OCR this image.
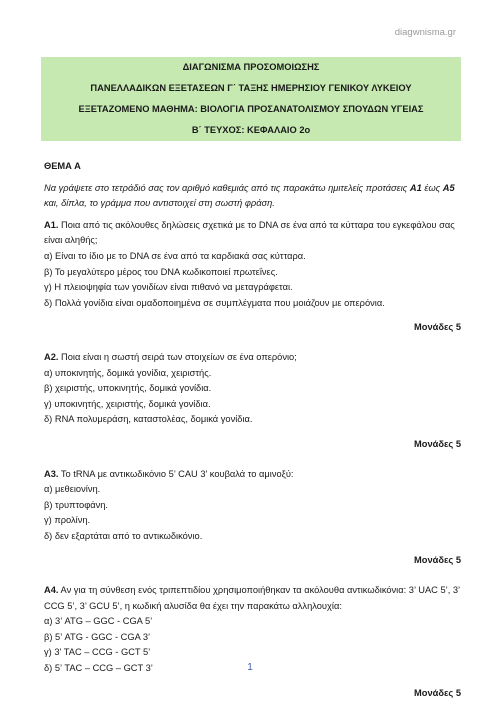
diagwnisma.gr
ΔΙΑΓΩΝΙΣΜΑ ΠΡΟΣΟΜΟΙΩΣΗΣ
ΠΑΝΕΛΛΑΔΙΚΩΝ ΕΞΕΤΑΣΕΩΝ Γ΄ ΤΑΞΗΣ ΗΜΕΡΗΣΙΟΥ ΓΕΝΙΚΟΥ ΛΥΚΕΙΟΥ
ΕΞΕΤΑΖΟΜΕΝΟ ΜΑΘΗΜΑ: ΒΙΟΛΟΓΙΑ ΠΡΟΣΑΝΑΤΟΛΙΣΜΟΥ ΣΠΟΥΔΩΝ ΥΓΕΙΑΣ
Β΄ ΤΕΥΧΟΣ: ΚΕΦΑΛΑΙΟ 2ο
ΘΕΜΑ Α
Να γράψετε στο τετράδιό σας τον αριθμό καθεμιάς από τις παρακάτω ημιτελείς προτάσεις Α1 έως Α5 και, δίπλα, το γράμμα που αντιστοιχεί στη σωστή φράση.
Α1. Ποια από τις ακόλουθες δηλώσεις σχετικά με το DNA σε ένα από τα κύτταρα του εγκεφάλου σας είναι αληθής;
α) Είναι το ίδιο με το DNA σε ένα από τα καρδιακά σας κύτταρα.
β) Το μεγαλύτερο μέρος του DNA κωδικοποιεί πρωτεΐνες.
γ) Η πλειοψηφία των γονιδίων είναι πιθανό να μεταγράφεται.
δ) Πολλά γονίδια είναι ομαδοποιημένα σε συμπλέγματα που μοιάζουν με οπερόνια.
Μονάδες 5
Α2. Ποια είναι η σωστή σειρά των στοιχείων σε ένα οπερόνιο;
α) υποκινητής, δομικά γονίδια, χειριστής.
β) χειριστής, υποκινητής, δομικά γονίδια.
γ) υποκινητής, χειριστής, δομικά γονίδια.
δ) RNA πολυμεράση, καταστολέας, δομικά γονίδια.
Μονάδες 5
Α3. Το tRNA με αντικωδικόνιο 5’ CAU 3’ κουβαλά το αμινοξύ:
α) μεθειονίνη.
β) τρυπτοφάνη.
γ) προλίνη.
δ) δεν εξαρτάται από το αντικωδικόνιο.
Μονάδες 5
Α4. Αν για τη σύνθεση ενός τριπεπτιδίου χρησιμοποιήθηκαν τα ακόλουθα αντικωδικόνια: 3’ UAC 5’, 3’ CCG 5’, 3’ GCU 5’, η κωδική αλυσίδα θα έχει την παρακάτω αλληλουχία:
α) 3’ ATG – GGC - CGA 5’
β) 5’ ATG - GGC - CGA 3’
γ) 3’ TAC – CCG - GCT 5’
δ) 5’ TAC – CCG – GCT 3’
Μονάδες 5
1
